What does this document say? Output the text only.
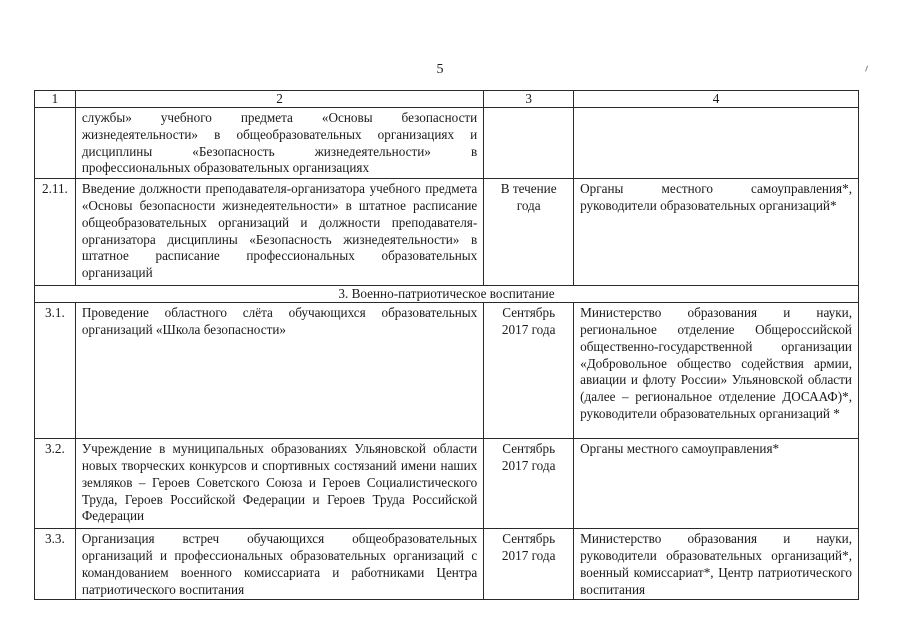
5
1	2	3	4
	службы» учебного предмета «Основы безопасности жизнедеятельности» в общеобразовательных организациях и дисциплины «Безопасность жизнедеятельности» в профессиональных образовательных организациях		
2.11.	Введение должности преподавателя-организатора учебного предмета «Основы безопасности жизнедеятельности» в штатное расписание общеобразовательных организаций и должности преподавателя-организатора дисциплины «Безопасность жизнедеятельности» в штатное расписание профессиональных образовательных организаций	В течение года	Органы местного самоуправления*, руководители образовательных организаций*
3. Военно-патриотическое воспитание			
3.1.	Проведение областного слёта обучающихся образовательных организаций «Школа безопасности»	Сентябрь 2017 года	Министерство образования и науки, региональное отделение Общероссийской общественно-государственной организации «Добровольное общество содействия армии, авиации и флоту России» Ульяновской области (далее – региональное отделение ДОСААФ)*, руководители образовательных организаций *
3.2.	Учреждение в муниципальных образованиях Ульяновской области новых творческих конкурсов и спортивных состязаний имени наших земляков – Героев Советского Союза и Героев Социалистического Труда, Героев Российской Федерации и Героев Труда Российской Федерации	Сентябрь 2017 года	Органы местного самоуправления*
3.3.	Организация встреч обучающихся общеобразовательных организаций и профессиональных образовательных организаций с командованием военного комиссариата и работниками Центра патриотического воспитания	Сентябрь 2017 года	Министерство образования и науки, руководители образовательных организаций*, военный комиссариат*, Центр патриотического воспитания
